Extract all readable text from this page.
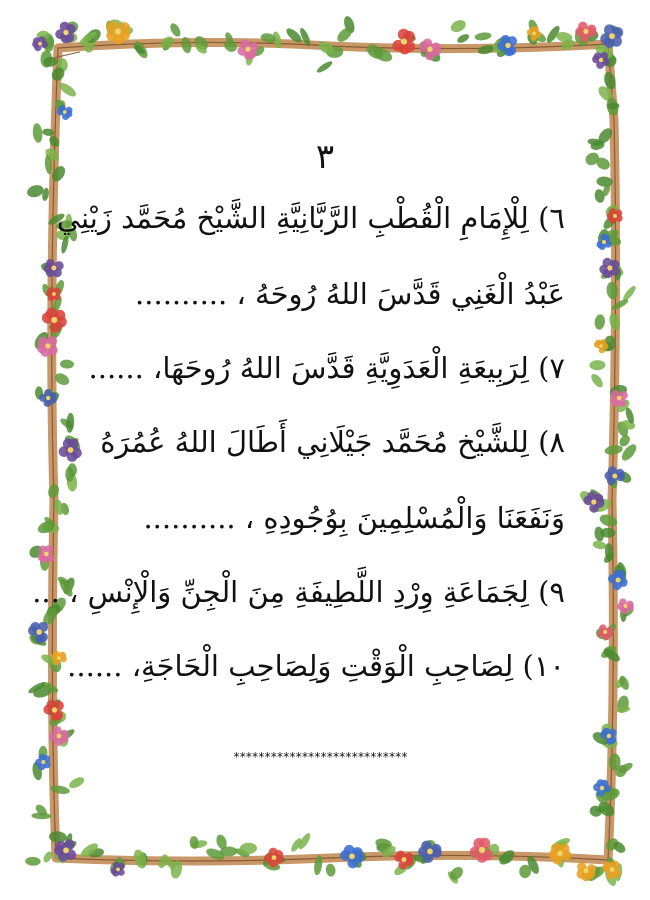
٣
٦) لِلْإِمَامِ الْقُطْبِ الرَّبَّانِيَّةِ الشَّيْخ مُحَمَّد زَيْنِي
عَبْدُ الْغَنِي قَدَّسَ اللهُ رُوحَهُ ، ..........
٧) لِرَبِيعَةِ الْعَدَوِيَّةِ قَدَّسَ اللهُ رُوحَهَا، ......
٨) لِلشَّيْخ مُحَمَّد جَيْلَانِي أَطَالَ اللهُ عُمُرَهُ
وَنَفَعَنَا وَالْمُسْلِمِينَ بِوُجُودِهِ ، ..........
٩) لِجَمَاعَةِ وِرْدِ اللَّطِيفَةِ مِنَ الْجِنِّ وَالْإِنْسِ ، ...
١٠) لِصَاحِبِ الْوَقْتِ وَلِصَاحِبِ الْحَاجَةِ، ......
****************************
